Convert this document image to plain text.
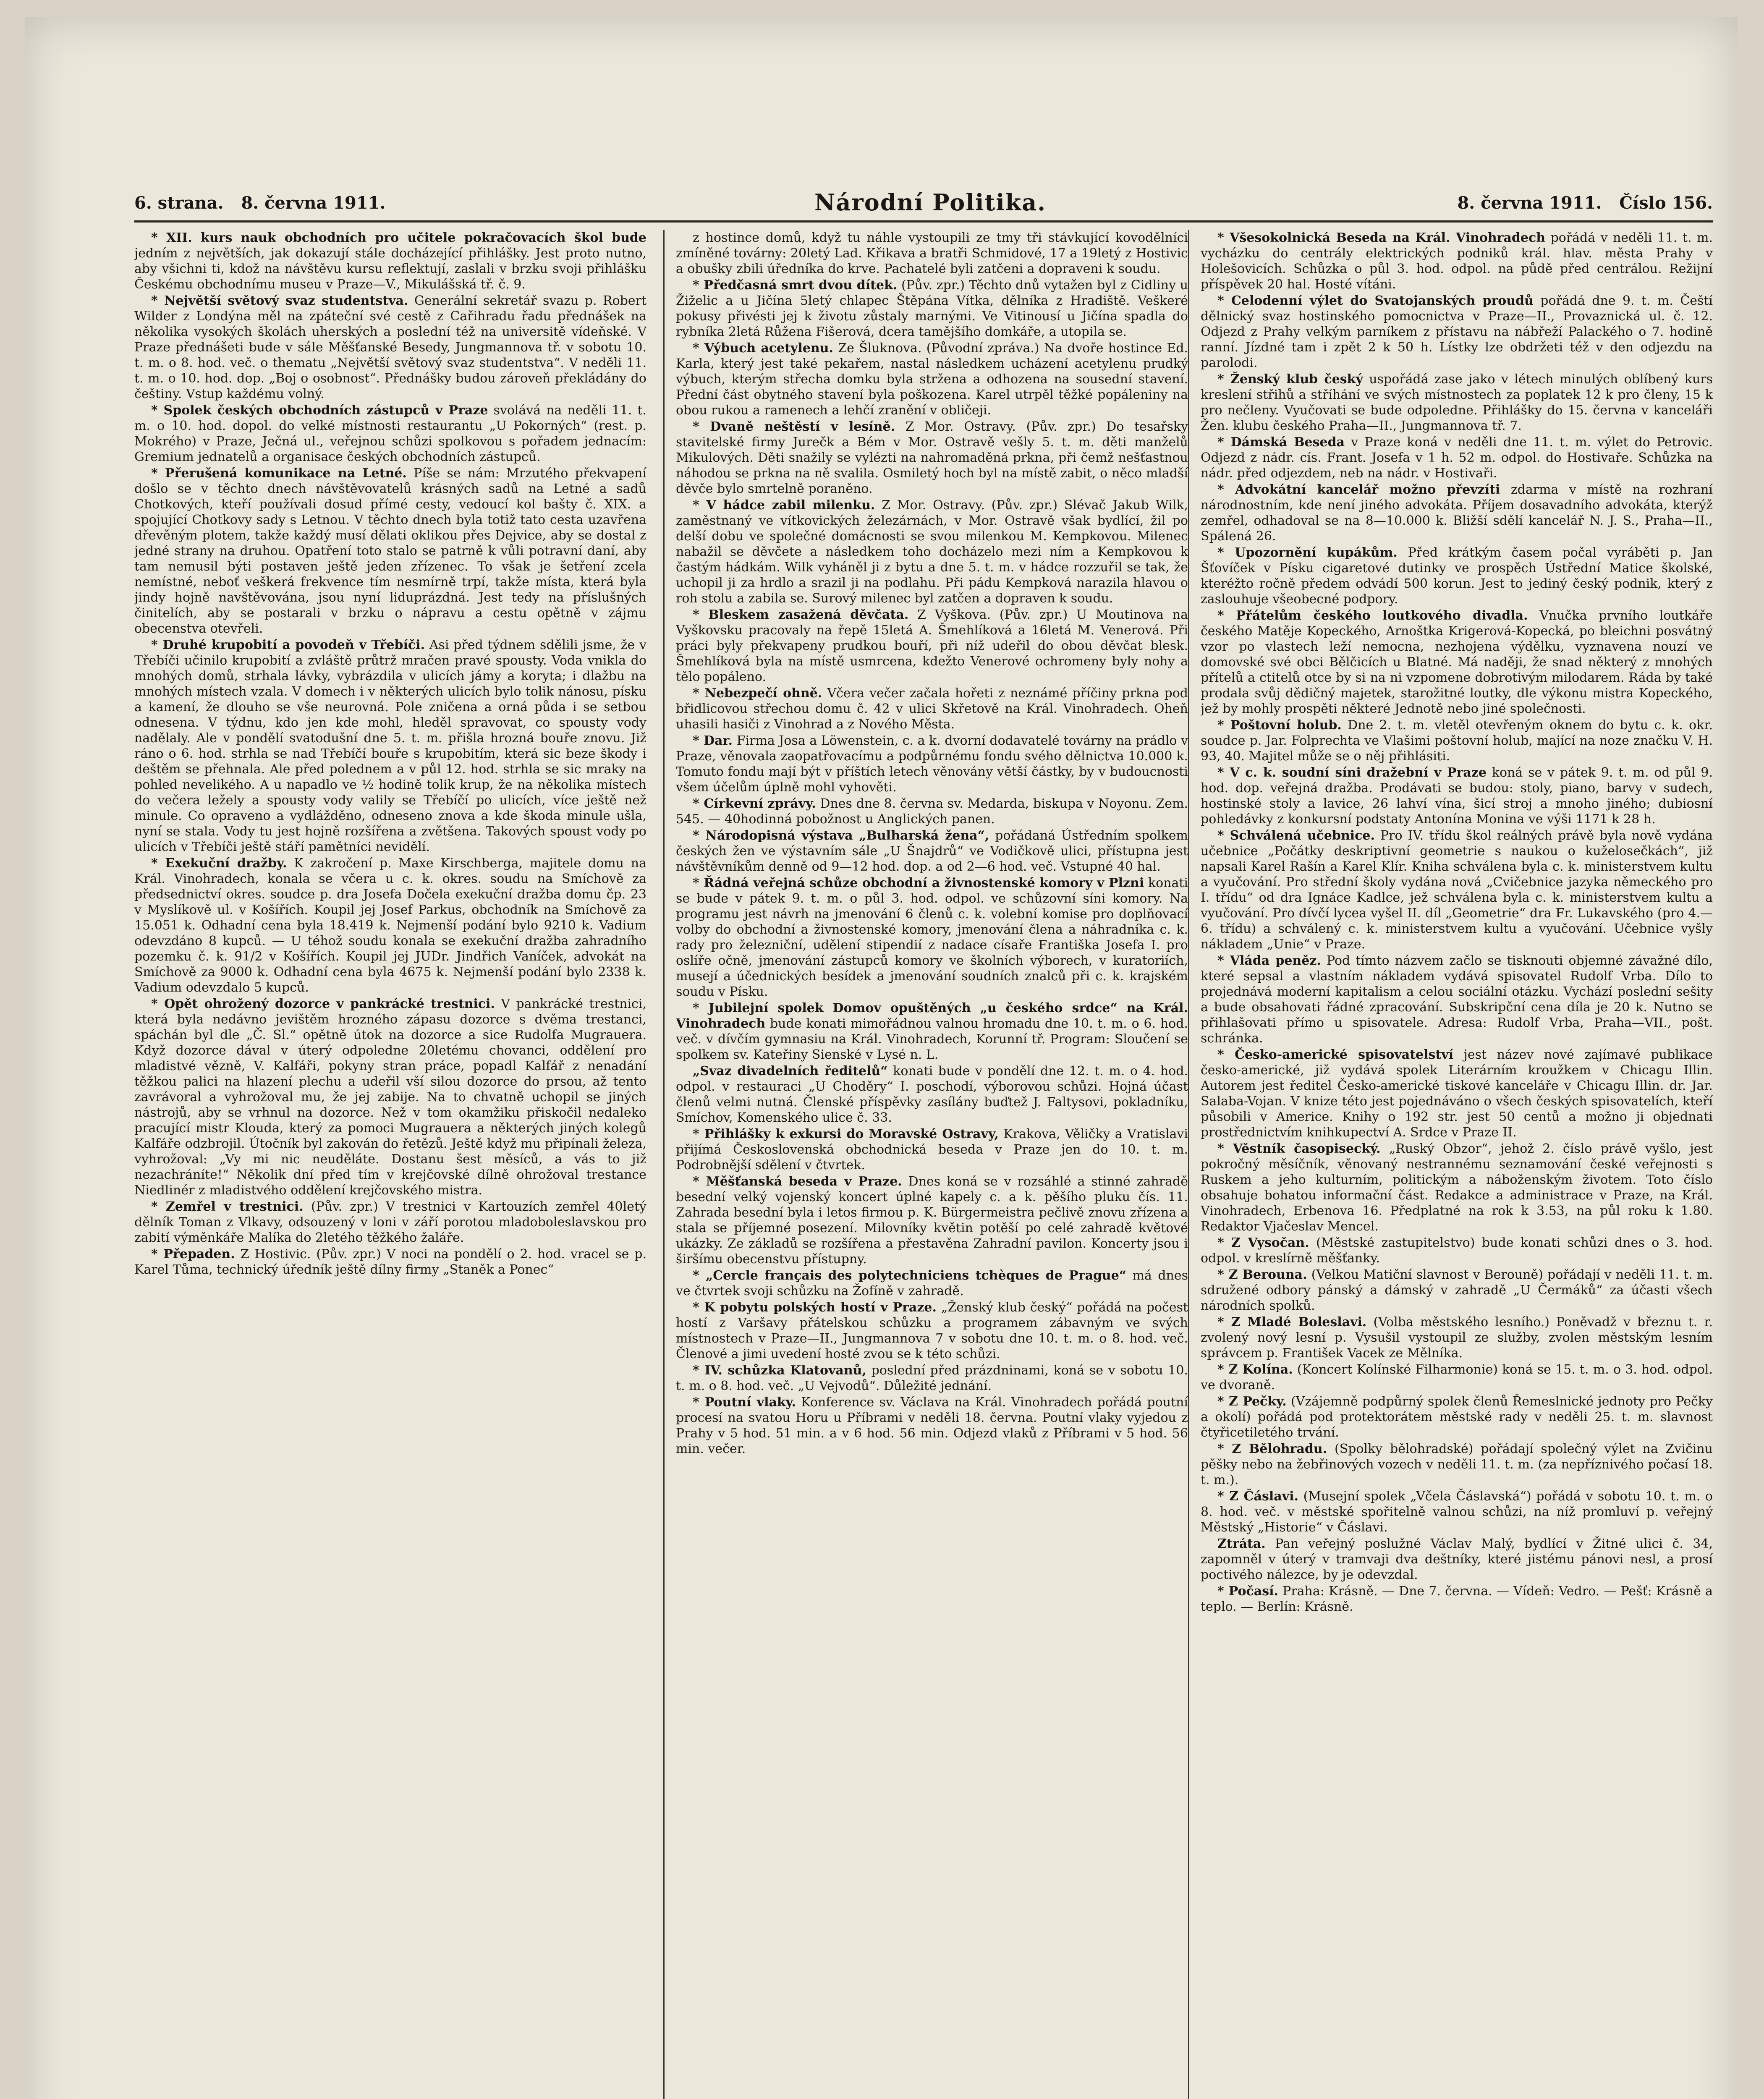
6. strana. 8. června 1911.	Národní Politika.	8. června 1911. Číslo 156.

* XII. kurs nauk obchodních pro učitele pokračovacích škol bude jedním z největších, jak dokazují stále docházející přihlášky. Jest proto nutno, aby všichni ti, kdož na návštěvu kursu reflektují, zaslali v brzku svoji přihlášku Českému obchodnímu museu v Praze—V., Mikulášská tř. č. 9.

* Největší světový svaz studentstva. Generální sekretář svazu p. Robert Wilder z Londýna měl na zpáteční své cestě z Cařihradu řadu přednášek na několika vysokých školách uherských a poslední též na universitě vídeňské. V Praze přednášeti bude v sále Měšťanské Besedy, Jungmannova tř. v sobotu 10. t. m. o 8. hod. več. o thematu „Největší světový svaz studentstva“. V neděli 11. t. m. o 10. hod. dop. „Boj o osobnost“. Přednášky budou zároveň překládány do češtiny. Vstup každému volný.

* Spolek českých obchodních zástupců v Praze svolává na neděli 11. t. m. o 10. hod. dopol. do velké místnosti restaurantu „U Pokorných“ (rest. p. Mokrého) v Praze, Ječná ul., veřejnou schůzi spolkovou s pořadem jednacím: Gremium jednatelů a organisace českých obchodních zástupců.

* Přerušená komunikace na Letné. Píše se nám: Mrzutého překvapení došlo se v těchto dnech návštěvovatelů krásných sadů na Letné a sadů Chotkových, kteří používali dosud přímé cesty, vedoucí kol bašty č. XIX. a spojující Chotkovy sady s Letnou. V těchto dnech byla totiž tato cesta uzavřena dřevěným plotem, takže každý musí dělati oklikou přes Dejvice, aby se dostal z jedné strany na druhou. Opatření toto stalo se patrně k vůli potravní daní, aby tam nemusil býti postaven ještě jeden zřízenec. To však je šetření zcela nemístné, neboť veškerá frekvence tím nesmírně trpí, takže místa, která byla jindy hojně navštěvována, jsou nyní liduprázdná. Jest tedy na příslušných činitelích, aby se postarali v brzku o nápravu a cestu opětně v zájmu obecenstva otevřeli.

* Druhé krupobití a povodeň v Třebíči. Asi před týdnem sdělili jsme, že v Třebíči učinilo krupobití a zvláště průtrž mračen pravé spousty. Voda vnikla do mnohých domů, strhala lávky, vybrázdila v ulicích jámy a koryta; i dlažbu na mnohých místech vzala. V domech i v některých ulicích bylo tolik nánosu, písku a kamení, že dlouho se vše neurovná. Pole zničena a orná půda i se setbou odnesena. V týdnu, kdo jen kde mohl, hleděl spravovat, co spousty vody nadělaly. Ale v pondělí svatodušní dne 5. t. m. přišla hrozná bouře znovu. Již ráno o 6. hod. strhla se nad Třebíčí bouře s krupobitím, která sic beze škody i deštěm se přehnala. Ale před polednem a v půl 12. hod. strhla se sic mraky na pohled nevelikého. A u napadlo ve ½ hodině tolik krup, že na několika místech do večera ležely a spousty vody valily se Třebíčí po ulicích, více ještě než minule. Co opraveno a vydlážděno, odneseno znova a kde škoda minule ušla, nyní se stala. Vody tu jest hojně rozšířena a zvětšena. Takových spoust vody po ulicích v Třebíči ještě stáří pamětníci nevidělí.

* Exekuční dražby. K zakročení p. Maxe Kirschberga, majitele domu na Král. Vinohradech, konala se včera u c. k. okres. soudu na Smíchově za předsednictví okres. soudce p. dra Josefa Dočela exekuční dražba domu čp. 23 v Myslíkově ul. v Košířích. Koupil jej Josef Parkus, obchodník na Smíchově za 15.051 k. Odhadní cena byla 18.419 k. Nejmenší podání bylo 9210 k. Vadium odevzdáno 8 kupců. — U téhož soudu konala se exekuční dražba zahradního pozemku č. k. 91/2 v Košířích. Koupil jej JUDr. Jindřich Vaníček, advokát na Smíchově za 9000 k. Odhadní cena byla 4675 k. Nejmenší podání bylo 2338 k. Vadium odevzdalo 5 kupců.

* Opět ohrožený dozorce v pankrácké trestnici. V pankrácké trestnici, která byla nedávno jevištěm hrozného zápasu dozorce s dvěma trestanci, spáchán byl dle „Č. Sl.“ opětně útok na dozorce a sice Rudolfa Mugrauera. Když dozorce dával v úterý odpoledne 20letému chovanci, oddělení pro mladistvé vězně, V. Kalfáři, pokyny stran práce, popadl Kalfář z nenadání těžkou palici na hlazení plechu a udeřil vší silou dozorce do prsou, až tento zavrávoral a vyhrožoval mu, že jej zabije. Na to chvatně uchopil se jiných nástrojů, aby se vrhnul na dozorce. Než v tom okamžiku přiskočil nedaleko pracující mistr Klouda, který za pomoci Mugrauera a některých jiných kolegů Kalfáře odzbrojil. Útočník byl zakován do řetězů. Ještě když mu připínali železa, vyhrožoval: „Vy mi nic neuděláte. Dostanu šest měsíců, a vás to již nezachráníte!“ Několik dní před tím v krejčovské dílně ohrožoval trestance Niedlinér z mladistvého oddělení krejčovského mistra.

* Zemřel v trestnici. (Pův. zpr.) V trestnici v Kartouzích zemřel 40letý dělník Toman z Vlkavy, odsouzený v loni v září porotou mladoboleslavskou pro zabití výměnkáře Malíka do 2letého těžkého žaláře.

* Přepaden. Z Hostivic. (Pův. zpr.) V noci na pondělí o 2. hod. vracel se p. Karel Tůma, technický úředník ještě dílny firmy „Staněk a Ponec“

z hostince domů, když tu náhle vystoupili ze tmy tři stávkující kovodělníci zmíněné továrny: 20letý Lad. Křikava a bratři Schmidové, 17 a 19letý z Hostivic a obušky zbili úředníka do krve. Pachatelé byli zatčeni a dopraveni k soudu.

* Předčasná smrt dvou dítek. (Pův. zpr.) Těchto dnů vytažen byl z Cidliny u Žiželic a u Jičína 5letý chlapec Štěpána Vítka, dělníka z Hradiště. Veškeré pokusy přivésti jej k životu zůstaly marnými. Ve Vitinousí u Jičína spadla do rybníka 2letá Růžena Fišerová, dcera tamějšího domkáře, a utopila se.

* Výbuch acetylenu. Ze Šluknova. (Původní zpráva.) Na dvoře hostince Ed. Karla, který jest také pekařem, nastal následkem ucházení acetylenu prudký výbuch, kterým střecha domku byla stržena a odhozena na sousední stavení. Přední část obytného stavení byla poškozena. Karel utrpěl těžké popáleniny na obou rukou a ramenech a lehčí zranění v obličeji.

* Dvaně neštěstí v lesíně. Z Mor. Ostravy. (Pův. zpr.) Do tesařsky stavitelské firmy Jurečk a Bém v Mor. Ostravě vešly 5. t. m. děti manželů Mikulových. Děti snažily se vylézti na nahromaděná prkna, při čemž nešťastnou náhodou se prkna na ně svalila. Osmiletý hoch byl na místě zabit, o něco mladší děvče bylo smrtelně poraněno.

* V hádce zabil milenku. Z Mor. Ostravy. (Pův. zpr.) Slévač Jakub Wilk, zaměstnaný ve vítkovických železárnách, v Mor. Ostravě však bydlící, žil po delší dobu ve společné domácnosti se svou milenkou M. Kempkovou. Milenec nabažil se děvčete a následkem toho docházelo mezi ním a Kempkovou k častým hádkám. Wilk vyháněl ji z bytu a dne 5. t. m. v hádce rozzuřil se tak, že uchopil ji za hrdlo a srazil ji na podlahu. Při pádu Kempková narazila hlavou o roh stolu a zabila se. Surový milenec byl zatčen a dopraven k soudu.

* Bleskem zasažená děvčata. Z Vyškova. (Pův. zpr.) U Moutinova na Vyškovsku pracovaly na řepě 15letá A. Šmehlíková a 16letá M. Venerová. Při práci byly překvapeny prudkou bouří, při níž udeřil do obou děvčat blesk. Šmehlíková byla na místě usmrcena, kdežto Venerové ochromeny byly nohy a tělo popáleno.

* Nebezpečí ohně. Včera večer začala hořeti z neznámé příčiny prkna pod břidlicovou střechou domu č. 42 v ulici Skřetově na Král. Vinohradech. Oheň uhasili hasiči z Vinohrad a z Nového Města.

* Dar. Firma Josa a Löwenstein, c. a k. dvorní dodavatelé továrny na prádlo v Praze, věnovala zaopatřovacímu a podpůrnému fondu svého dělnictva 10.000 k. Tomuto fondu mají být v příštích letech věnovány větší částky, by v budoucnosti všem účelům úplně mohl vyhověti.

* Církevní zprávy. Dnes dne 8. června sv. Medarda, biskupa v Noyonu. Zem. 545. — 40hodinná pobožnost u Anglických panen.

* Národopisná výstava „Bulharská žena“, pořádaná Ústředním spolkem českých žen ve výstavním sále „U Šnajdrů“ ve Vodičkově ulici, přístupna jest návštěvníkům denně od 9—12 hod. dop. a od 2—6 hod. več. Vstupné 40 hal.

* Řádná veřejná schůze obchodní a živnostenské komory v Plzni konati se bude v pátek 9. t. m. o půl 3. hod. odpol. ve schůzovní síni komory. Na programu jest návrh na jmenování 6 členů c. k. volební komise pro doplňovací volby do obchodní a živnostenské komory, jmenování člena a náhradníka c. k. rady pro železniční, udělení stipendií z nadace císaře Františka Josefa I. pro oslíře očně, jmenování zástupců komory ve školních výborech, v kuratoriích, musejí a účednických besídek a jmenování soudních znalců při c. k. krajském soudu v Písku.

* Jubilejní spolek Domov opuštěných „u českého srdce“ na Král. Vinohradech bude konati mimořádnou valnou hromadu dne 10. t. m. o 6. hod. več. v dívčím gymnasiu na Král. Vinohradech, Korunní tř. Program: Sloučení se spolkem sv. Kateřiny Sienské v Lysé n. L.

„Svaz divadelních ředitelů“ konati bude v pondělí dne 12. t. m. o 4. hod. odpol. v restauraci „U Choděry“ I. poschodí, výborovou schůzi. Hojná účast členů velmi nutná. Členské příspěvky zasílány buďtež J. Faltysovi, pokladníku, Smíchov, Komenského ulice č. 33.

* Přihlášky k exkursi do Moravské Ostravy, Krakova, Věličky a Vratislavi přijímá Československá obchodnická beseda v Praze jen do 10. t. m. Podrobnější sdělení v čtvrtek.

* Měšťanská beseda v Praze. Dnes koná se v rozsáhlé a stinné zahradě besední velký vojenský koncert úplné kapely c. a k. pěšího pluku čís. 11. Zahrada besední byla i letos firmou p. K. Bürgermeistra pečlivě znovu zřízena a stala se příjemné posezení. Milovníky květin potěší po celé zahradě květové ukázky. Ze základů se rozšířena a přestavěna Zahradní pavilon. Koncerty jsou i širšímu obecenstvu přístupny.

* „Cercle français des polytechniciens tchèques de Prague“ má dnes ve čtvrtek svoji schůzku na Žofíně v zahradě.

* K pobytu polských hostí v Praze. „Ženský klub český“ pořádá na počest hostí z Varšavy přátelskou schůzku a programem zábavným ve svých místnostech v Praze—II., Jungmannova 7 v sobotu dne 10. t. m. o 8. hod. več. Členové a jimi uvedení hosté zvou se k této schůzi.

* IV. schůzka Klatovanů, poslední před prázdninami, koná se v sobotu 10. t. m. o 8. hod. več. „U Vejvodů“. Důležité jednání.

* Poutní vlaky. Konference sv. Václava na Král. Vinohradech pořádá poutní procesí na svatou Horu u Příbrami v neděli 18. června. Poutní vlaky vyjedou z Prahy v 5 hod. 51 min. a v 6 hod. 56 min. Odjezd vlaků z Příbrami v 5 hod. 56 min. večer.

* Všesokolnická Beseda na Král. Vinohradech pořádá v neděli 11. t. m. vycházku do centrály elektrických podniků král. hlav. města Prahy v Holešovicích. Schůzka o půl 3. hod. odpol. na půdě před centrálou. Režijní příspěvek 20 hal. Hosté vítáni.

* Celodenní výlet do Svatojanských proudů pořádá dne 9. t. m. Čeští dělnický svaz hostinského pomocnictva v Praze—II., Provaznická ul. č. 12. Odjezd z Prahy velkým parníkem z přístavu na nábřeží Palackého o 7. hodině ranní. Jízdné tam i zpět 2 k 50 h. Lístky lze obdržeti též v den odjezdu na parolodi.

* Ženský klub český uspořádá zase jako v létech minulých oblíbený kurs kreslení střihů a stříhání ve svých místnostech za poplatek 12 k pro členy, 15 k pro nečleny. Vyučovati se bude odpoledne. Přihlášky do 15. června v kanceláři Žen. klubu českého Praha—II., Jungmannova tř. 7.

* Dámská Beseda v Praze koná v neděli dne 11. t. m. výlet do Petrovic. Odjezd z nádr. cís. Frant. Josefa v 1 h. 52 m. odpol. do Hostivaře. Schůzka na nádr. před odjezdem, neb na nádr. v Hostivaři.

* Advokátní kancelář možno převzíti zdarma v místě na rozhraní národnostním, kde není jiného advokáta. Příjem dosavadního advokáta, kterýž zemřel, odhadoval se na 8—10.000 k. Bližší sdělí kancelář N. J. S., Praha—II., Spálená 26.

* Upozornění kupákům. Před krátkým časem počal vyráběti p. Jan Šťovíček v Písku cigaretové dutinky ve prospěch Ústřední Matice školské, kteréžto ročně předem odvádí 500 korun. Jest to jediný český podnik, který z zaslouhuje všeobecné podpory.

* Přátelům českého loutkového divadla. Vnučka prvního loutkáře českého Matěje Kopeckého, Arnoštka Krigerová-Kopecká, po bleichni posvátný vzor po vlastech leží nemocna, nezhojena výdělku, vyznavena nouzí ve domovské své obci Bělčicích u Blatné. Má naději, že snad některý z mnohých přítelů a ctitelů otce by si na ni vzpomene dobrotivým milodarem. Ráda by také prodala svůj dědičný majetek, starožitné loutky, dle výkonu mistra Kopeckého, jež by mohly prospěti některé Jednotě nebo jiné společnosti.

* Poštovní holub. Dne 2. t. m. vletěl otevřeným oknem do bytu c. k. okr. soudce p. Jar. Folprechta ve Vlašimi poštovní holub, mající na noze značku V. H. 93, 40. Majitel může se o něj přihlásiti.

* V c. k. soudní síni dražební v Praze koná se v pátek 9. t. m. od půl 9. hod. dop. veřejná dražba. Prodávati se budou: stoly, piano, barvy v sudech, hostinské stoly a lavice, 26 lahví vína, šicí stroj a mnoho jiného; dubiosní pohledávky z konkursní podstaty Antonína Monina ve výši 1171 k 28 h.

* Schválená učebnice. Pro IV. třídu škol reálných právě byla nově vydána učebnice „Počátky deskriptivní geometrie s naukou o kuželosečkách“, již napsali Karel Rašín a Karel Klír. Kniha schválena byla c. k. ministerstvem kultu a vyučování. Pro střední školy vydána nová „Cvičebnice jazyka německého pro I. třídu“ od dra Ignáce Kadlce, jež schválena byla c. k. ministerstvem kultu a vyučování. Pro dívčí lycea vyšel II. díl „Geometrie“ dra Fr. Lukavského (pro 4.—6. třídu) a schválený c. k. ministerstvem kultu a vyučování. Učebnice vyšly nákladem „Unie“ v Praze.

* Vláda peněz. Pod tímto názvem začlo se tisknouti objemné závažné dílo, které sepsal a vlastním nákladem vydává spisovatel Rudolf Vrba. Dílo to projednává moderní kapitalism a celou sociální otázku. Vychází poslední sešity a bude obsahovati řádné zpracování. Subskripční cena díla je 20 k. Nutno se přihlašovati přímo u spisovatele. Adresa: Rudolf Vrba, Praha—VII., pošt. schránka.

* Česko-americké spisovatelství jest název nové zajímavé publikace česko-americké, již vydává spolek Literárním kroužkem v Chicagu Illin. Autorem jest ředitel Česko-americké tiskové kanceláře v Chicagu Illin. dr. Jar. Salaba-Vojan. V knize této jest pojednáváno o všech českých spisovatelích, kteří působili v Americe. Knihy o 192 str. jest 50 centů a možno ji objednati prostřednictvím knihkupectví A. Srdce v Praze II.

* Věstník časopisecký. „Ruský Obzor“, jehož 2. číslo právě vyšlo, jest pokročný měsíčník, věnovaný nestrannému seznamování české veřejnosti s Ruskem a jeho kulturním, politickým a náboženským životem. Toto číslo obsahuje bohatou informační část. Redakce a administrace v Praze, na Král. Vinohradech, Erbenova 16. Předplatné na rok k 3.53, na půl roku k 1.80. Redaktor Vjačeslav Mencel.

* Z Vysočan. (Městské zastupitelstvo) bude konati schůzi dnes o 3. hod. odpol. v kreslírně měšťanky.

* Z Berouna. (Velkou Matiční slavnost v Berouně) pořádají v neděli 11. t. m. sdružené odbory pánský a dámský v zahradě „U Čermáků“ za účasti všech národních spolků.

* Z Mladé Boleslavi. (Volba městského lesního.) Poněvadž v březnu t. r. zvolený nový lesní p. Vysušil vystoupil ze služby, zvolen městským lesním správcem p. František Vacek ze Mělníka.

* Z Kolína. (Koncert Kolínské Filharmonie) koná se 15. t. m. o 3. hod. odpol. ve dvoraně.

* Z Pečky. (Vzájemně podpůrný spolek členů Řemeslnické jednoty pro Pečky a okolí) pořádá pod protektorátem městské rady v neděli 25. t. m. slavnost čtyřicetiletého trvání.

* Z Bělohradu. (Spolky bělohradské) pořádají společný výlet na Zvičinu pěšky nebo na žebřinových vozech v neděli 11. t. m. (za nepříznivého počasí 18. t. m.).

* Z Čáslavi. (Musejní spolek „Včela Čáslavská“) pořádá v sobotu 10. t. m. o 8. hod. več. v městské spořitelně valnou schůzi, na níž promluví p. veřejný Městský „Historie“ v Čáslavi.

Ztráta. Pan veřejný poslužné Václav Malý, bydlící v Žitné ulici č. 34, zapomněl v úterý v tramvaji dva deštníky, které jistému pánovi nesl, a prosí poctivého nálezce, by je odevzdal.

* Počasí. Praha: Krásně. — Dne 7. června. — Vídeň: Vedro. — Pešť: Krásně a teplo. — Berlín: Krásně.
